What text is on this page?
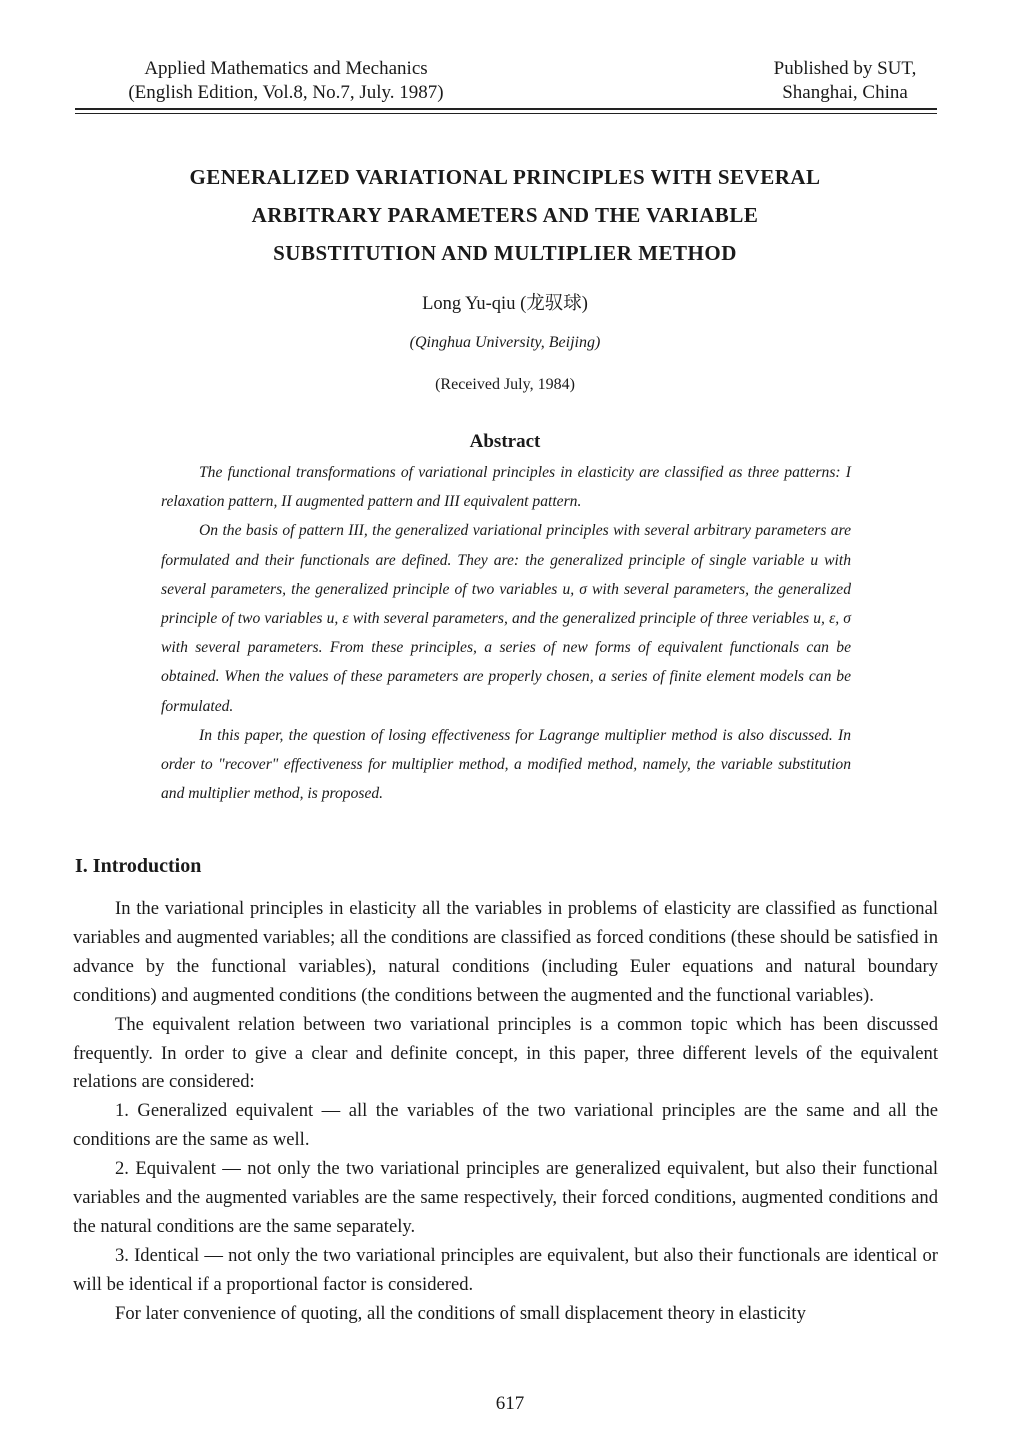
Applied Mathematics and Mechanics
(English Edition, Vol.8, No.7, July. 1987)
Published by SUT,
Shanghai, China
GENERALIZED VARIATIONAL PRINCIPLES WITH SEVERAL
ARBITRARY PARAMETERS AND THE VARIABLE
SUBSTITUTION AND MULTIPLIER METHOD
Long Yu-qiu (龙驭球)
(Qinghua University, Beijing)
(Received July, 1984)
Abstract

The functional transformations of variational principles in elasticity are classified as three patterns: I relaxation pattern, II augmented pattern and III equivalent pattern.

On the basis of pattern III, the generalized variational principles with several arbitrary parameters are formulated and their functionals are defined. They are: the generalized principle of single variable u with several parameters, the generalized principle of two variables u, σ with several parameters, the generalized principle of two variables u, ε with several parameters, and the generalized principle of three veriables u, ε, σ with several parameters. From these principles, a series of new forms of equivalent functionals can be obtained. When the values of these parameters are properly chosen, a series of finite element models can be formulated.

In this paper, the question of losing effectiveness for Lagrange multiplier method is also discussed. In order to "recover" effectiveness for multiplier method, a modified method, namely, the variable substitution and multiplier method, is proposed.

I. Introduction

In the variational principles in elasticity all the variables in problems of elasticity are classified as functional variables and augmented variables; all the conditions are classified as forced conditions (these should be satisfied in advance by the functional variables), natural conditions (including Euler equations and natural boundary conditions) and augmented conditions (the conditions between the augmented and the functional variables).

The equivalent relation between two variational principles is a common topic which has been discussed frequently. In order to give a clear and definite concept, in this paper, three different levels of the equivalent relations are considered:

1. Generalized equivalent — all the variables of the two variational principles are the same and all the conditions are the same as well.

2. Equivalent — not only the two variational principles are generalized equivalent, but also their functional variables and the augmented variables are the same respectively, their forced conditions, augmented conditions and the natural conditions are the same separately.

3. Identical — not only the two variational principles are equivalent, but also their functionals are identical or will be identical if a proportional factor is considered.

For later convenience of quoting, all the conditions of small displacement theory in elasticity

617
